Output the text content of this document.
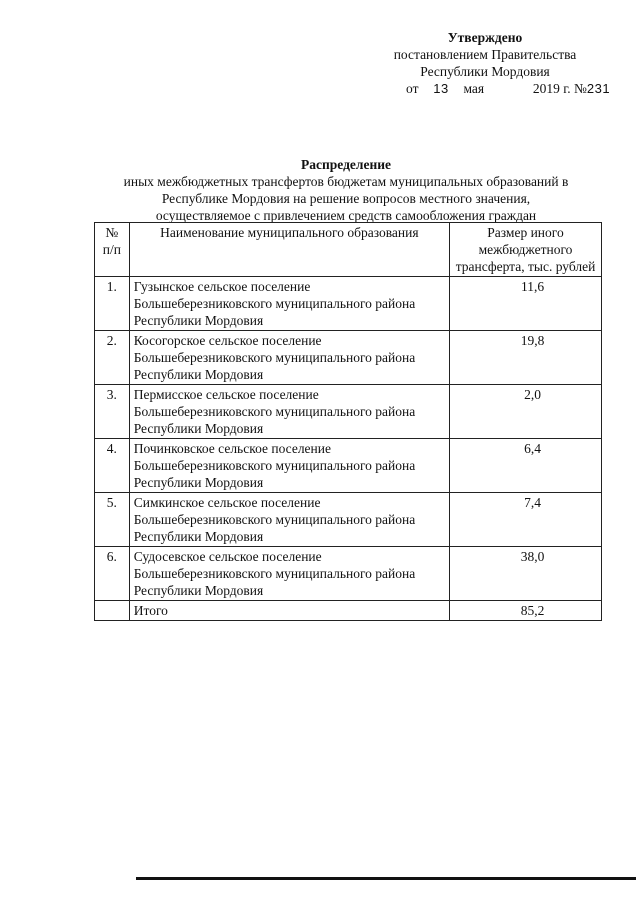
Утверждено
постановлением Правительства
Республики Мордовия
от 13 мая	2019 г. №231
Распределение
иных межбюджетных трансфертов бюджетам муниципальных образований в
Республике Мордовия на решение вопросов местного значения,
осуществляемое с привлечением средств самообложения граждан
№ п/п	Наименование муниципального образования	Размер иного межбюджетного трансферта, тыс. рублей
1.	Гузынское сельское поселение
Большеберезниковского муниципального района
Республики Мордовия	11,6
2.	Косогорское сельское поселение
Большеберезниковского муниципального района
Республики Мордовия	19,8
3.	Пермисское сельское поселение
Большеберезниковского муниципального района
Республики Мордовия	2,0
4.	Починковское сельское поселение
Большеберезниковского муниципального района
Республики Мордовия	6,4
5.	Симкинское сельское поселение
Большеберезниковского муниципального района
Республики Мордовия	7,4
6.	Судосевское сельское поселение
Большеберезниковского муниципального района
Республики Мордовия	38,0
	Итого	85,2
